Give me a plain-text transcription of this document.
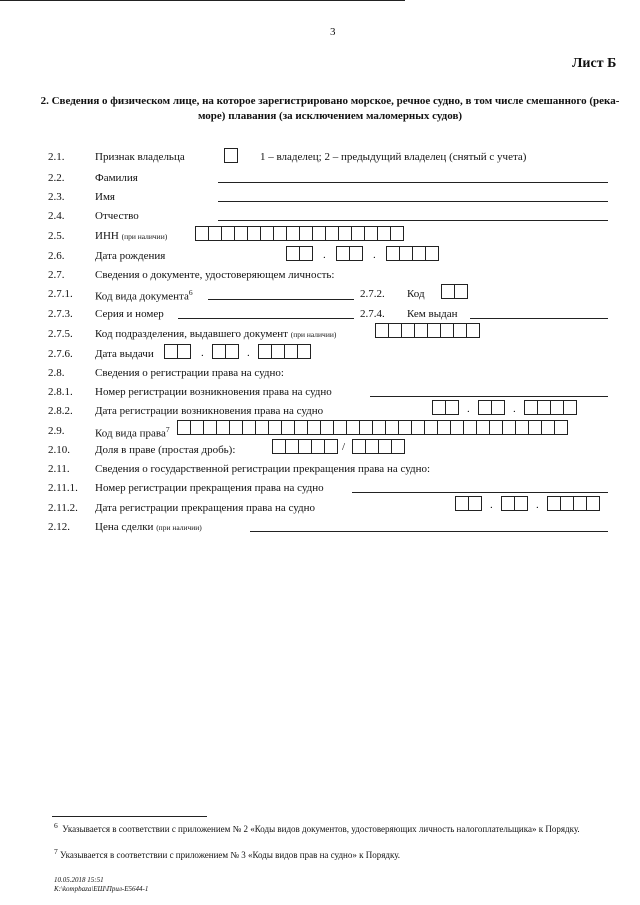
3
Лист Б
2. Сведения о физическом лице, на которое зарегистрировано морское, речное судно, в том числе смешанного (река-море) плавания (за исключением маломерных судов)
2.1.	Признак владельца	1 – владелец; 2 – предыдущий владелец (снятый с учета)
2.2.	Фамилия
2.3.	Имя
2.4.	Отчество
2.5.	ИНН (при наличии)
2.6.	Дата рождения	.	.
2.7.	Сведения о документе, удостоверяющем личность:
2.7.1. Код вида документа$^6$	2.7.2. Код
2.7.3. Серия и номер	2.7.4. Кем выдан
2.7.5. Код подразделения, выдавшего документ (при наличии)
2.7.6. Дата выдачи	.	.
2.8.	Сведения о регистрации права на судно:
2.8.1. Номер регистрации возникновения права на судно
2.8.2. Дата регистрации возникновения права на судно	.	.
2.9.	Код вида права$^7$
2.10. Доля в праве (простая дробь):	/
2.11. Сведения о государственной регистрации прекращения права на судно:
2.11.1. Номер регистрации прекращения права на судно
2.11.2. Дата регистрации прекращения права на судно	.	.
2.12. Цена сделки (при наличии)
$^6$ Указывается в соответствии с приложением № 2 «Коды видов документов, удостоверяющих личность налогоплательщика» к Порядку.
$^7$ Указывается в соответствии с приложением № 3 «Коды видов прав на судно» к Порядку.
10.05.2018 15:51
K:\kompbaza\ЕШ\Прил-Е5644-1
